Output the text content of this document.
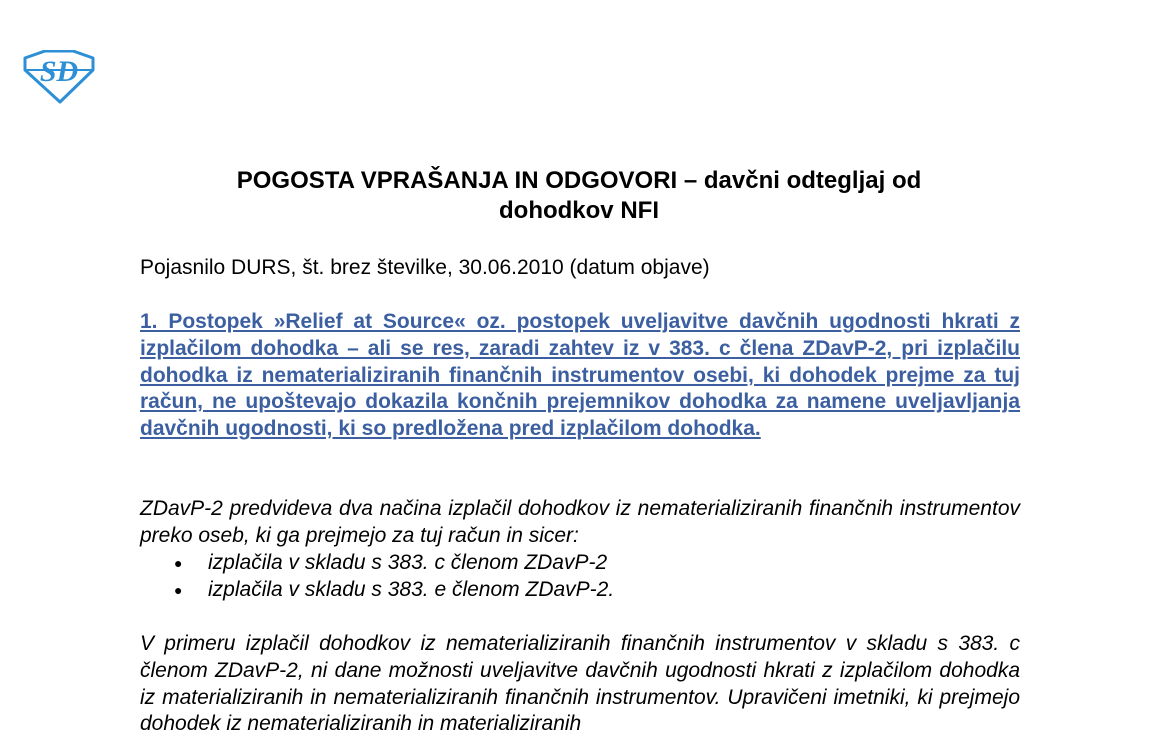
SD
POGOSTA VPRAŠANJA IN ODGOVORI – davčni odtegljaj od
dohodkov NFI

Pojasnilo DURS, št. brez številke, 30.06.2010 (datum objave)

1. Postopek »Relief at Source« oz. postopek uveljavitve davčnih ugodnosti hkrati z izplačilom dohodka – ali se res, zaradi zahtev iz v 383. c člena ZDavP-2, pri izplačilu dohodka iz nematerializiranih finančnih instrumentov osebi, ki dohodek prejme za tuj račun, ne upoštevajo dokazila končnih prejemnikov dohodka za namene uveljavljanja davčnih ugodnosti, ki so predložena pred izplačilom dohodka.

ZDavP-2 predvideva dva načina izplačil dohodkov iz nematerializiranih finančnih instrumentov preko oseb, ki ga prejmejo za tuj račun in sicer:

● izplačila v skladu s 383. c členom ZDavP-2
● izplačila v skladu s 383. e členom ZDavP-2.

V primeru izplačil dohodkov iz nematerializiranih finančnih instrumentov v skladu s 383. c členom ZDavP-2, ni dane možnosti uveljavitve davčnih ugodnosti hkrati z izplačilom dohodka iz materializiranih in nematerializiranih finančnih instrumentov. Upravičeni imetniki, ki prejmejo dohodek iz nematerializiranih in materializiranih
